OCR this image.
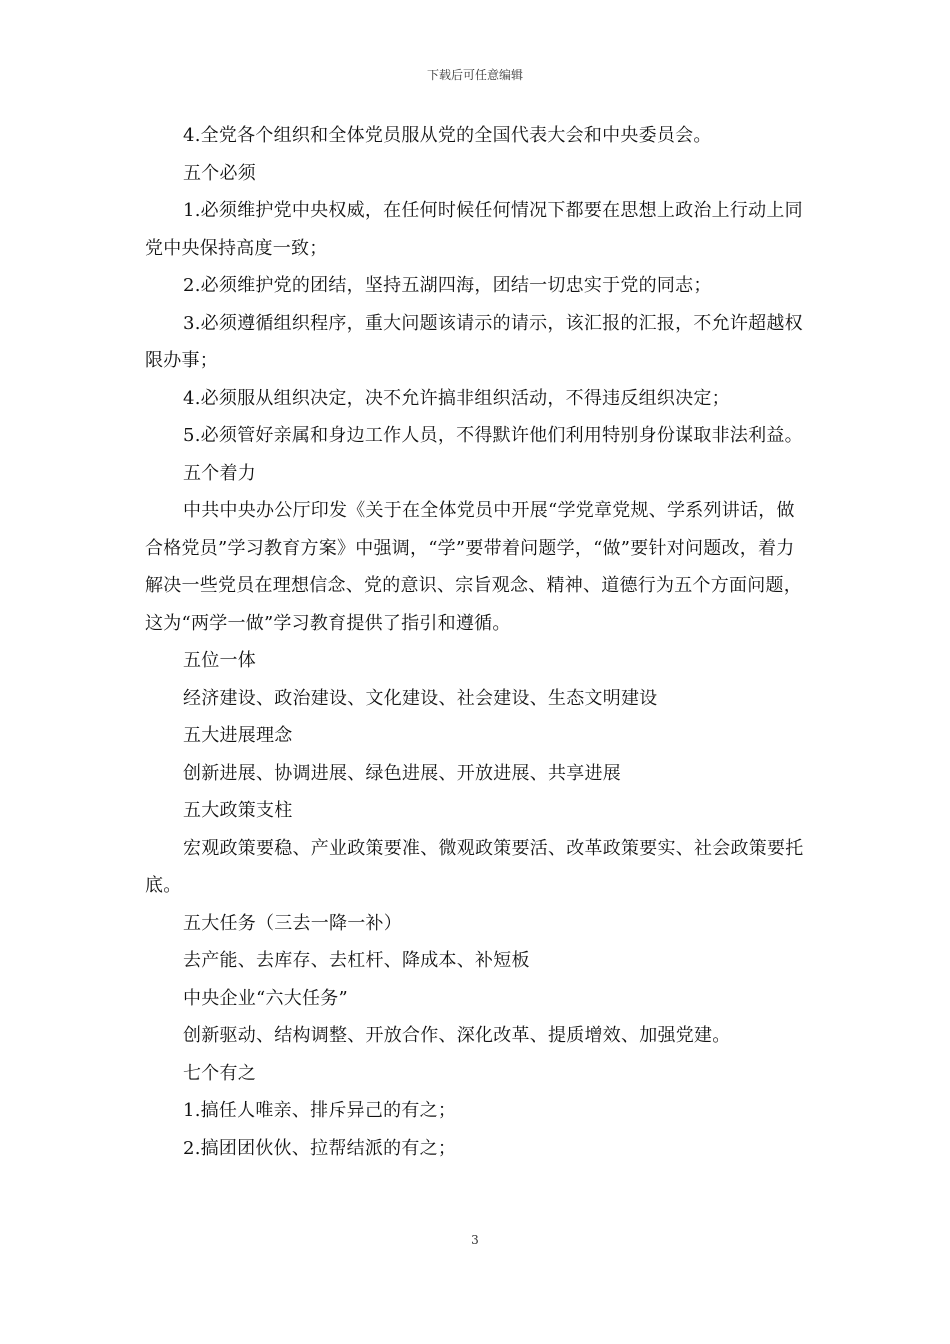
下载后可任意编辑

4.全党各个组织和全体党员服从党的全国代表大会和中央委员会。

五个必须

1.必须维护党中央权威，在任何时候任何情况下都要在思想上政治上行动上同党中央保持高度一致；

2.必须维护党的团结，坚持五湖四海，团结一切忠实于党的同志；

3.必须遵循组织程序，重大问题该请示的请示，该汇报的汇报，不允许超越权限办事；

4.必须服从组织决定，决不允许搞非组织活动，不得违反组织决定；

5.必须管好亲属和身边工作人员，不得默许他们利用特别身份谋取非法利益。

五个着力

中共中央办公厅印发《关于在全体党员中开展“学党章党规、学系列讲话，做合格党员”学习教育方案》中强调，“学”要带着问题学，“做”要针对问题改，着力解决一些党员在理想信念、党的意识、宗旨观念、精神、道德行为五个方面问题，这为“两学一做”学习教育提供了指引和遵循。

五位一体

经济建设、政治建设、文化建设、社会建设、生态文明建设

五大进展理念

创新进展、协调进展、绿色进展、开放进展、共享进展

五大政策支柱

宏观政策要稳、产业政策要准、微观政策要活、改革政策要实、社会政策要托底。

五大任务（三去一降一补）

去产能、去库存、去杠杆、降成本、补短板

中央企业“六大任务”

创新驱动、结构调整、开放合作、深化改革、提质增效、加强党建。

七个有之

1.搞任人唯亲、排斥异己的有之；

2.搞团团伙伙、拉帮结派的有之；

3
